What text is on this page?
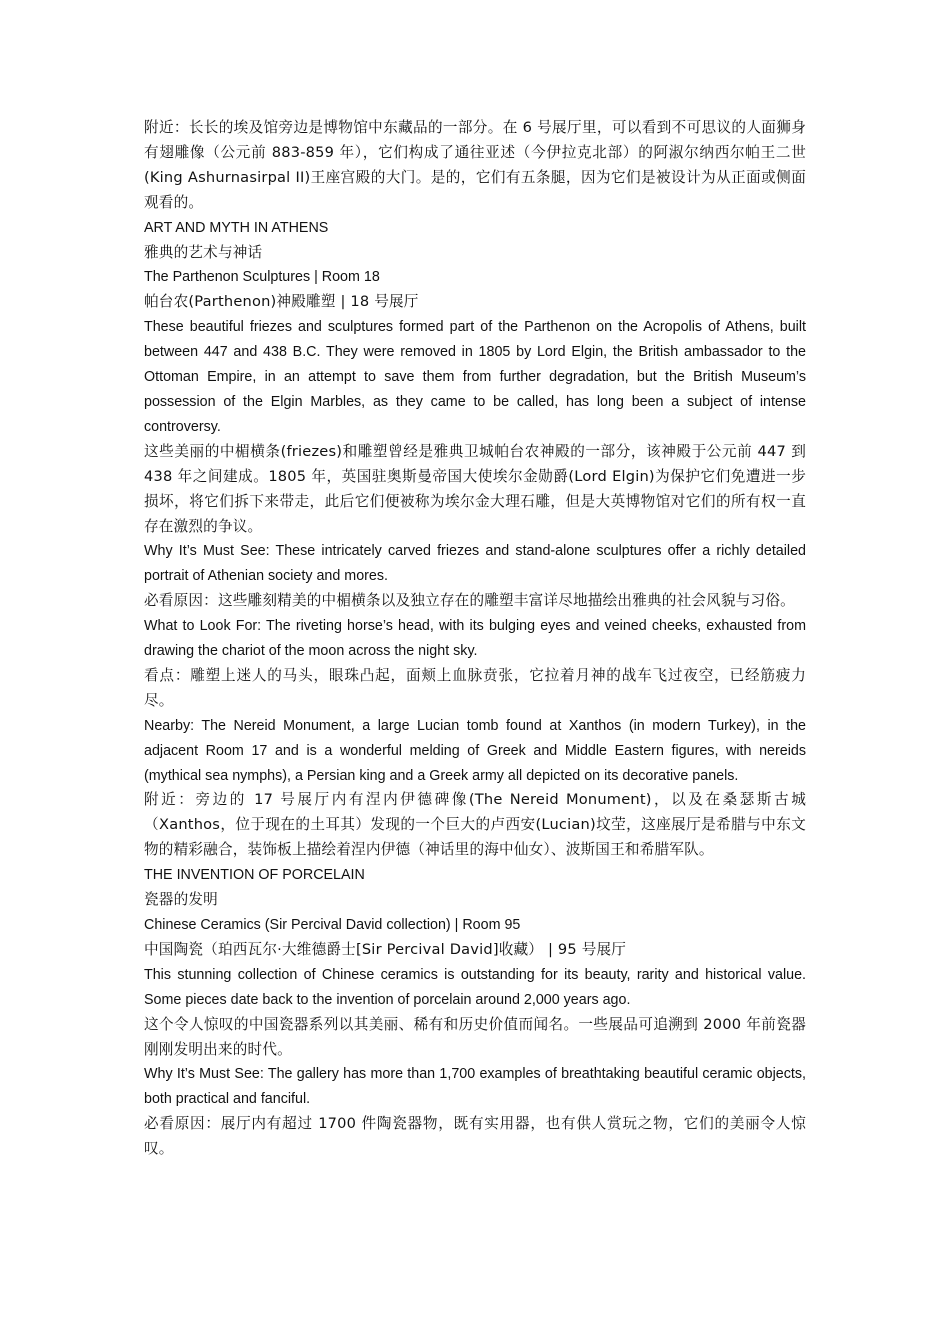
附近：长长的埃及馆旁边是博物馆中东藏品的一部分。在 6 号展厅里，可以看到不可思议的人面狮身有翅雕像（公元前 883-859 年），它们构成了通往亚述（今伊拉克北部）的阿淑尔纳西尔帕王二世(King Ashurnasirpal II)王座宫殿的大门。是的，它们有五条腿，因为它们是被设计为从正面或侧面观看的。

ART AND MYTH IN ATHENS

雅典的艺术与神话

The Parthenon Sculptures | Room 18

帕台农(Parthenon)神殿雕塑 | 18 号展厅

These beautiful friezes and sculptures formed part of the Parthenon on the Acropolis of Athens, built between 447 and 438 B.C. They were removed in 1805 by Lord Elgin, the British ambassador to the Ottoman Empire, in an attempt to save them from further degradation, but the British Museum’s possession of the Elgin Marbles, as they came to be called, has long been a subject of intense controversy.

这些美丽的中楣横条(friezes)和雕塑曾经是雅典卫城帕台农神殿的一部分，该神殿于公元前 447 到 438 年之间建成。1805 年，英国驻奥斯曼帝国大使埃尔金勋爵(Lord Elgin)为保护它们免遭进一步损坏，将它们拆下来带走，此后它们便被称为埃尔金大理石雕，但是大英博物馆对它们的所有权一直存在激烈的争议。

Why It’s Must See: These intricately carved friezes and stand-alone sculptures offer a richly detailed portrait of Athenian society and mores.

必看原因：这些雕刻精美的中楣横条以及独立存在的雕塑丰富详尽地描绘出雅典的社会风貌与习俗。

What to Look For: The riveting horse’s head, with its bulging eyes and veined cheeks, exhausted from drawing the chariot of the moon across the night sky.

看点：雕塑上迷人的马头，眼珠凸起，面颊上血脉贲张，它拉着月神的战车飞过夜空，已经筋疲力尽。

Nearby: The Nereid Monument, a large Lucian tomb found at Xanthos (in modern Turkey), in the adjacent Room 17 and is a wonderful melding of Greek and Middle Eastern figures, with nereids (mythical sea nymphs), a Persian king and a Greek army all depicted on its decorative panels.

附近：旁边的 17 号展厅内有涅内伊德碑像(The Nereid Monument)，以及在桑瑟斯古城（Xanthos，位于现在的土耳其）发现的一个巨大的卢西安(Lucian)坟茔，这座展厅是希腊与中东文物的精彩融合，装饰板上描绘着涅内伊德（神话里的海中仙女）、波斯国王和希腊军队。

THE INVENTION OF PORCELAIN

瓷器的发明

Chinese Ceramics (Sir Percival David collection) | Room 95

中国陶瓷（珀西瓦尔·大维德爵士[Sir Percival David]收藏） | 95 号展厅

This stunning collection of Chinese ceramics is outstanding for its beauty, rarity and historical value. Some pieces date back to the invention of porcelain around 2,000 years ago.

这个令人惊叹的中国瓷器系列以其美丽、稀有和历史价值而闻名。一些展品可追溯到 2000 年前瓷器刚刚发明出来的时代。

Why It’s Must See: The gallery has more than 1,700 examples of breathtaking beautiful ceramic objects, both practical and fanciful.

必看原因：展厅内有超过 1700 件陶瓷器物，既有实用器，也有供人赏玩之物，它们的美丽令人惊叹。
